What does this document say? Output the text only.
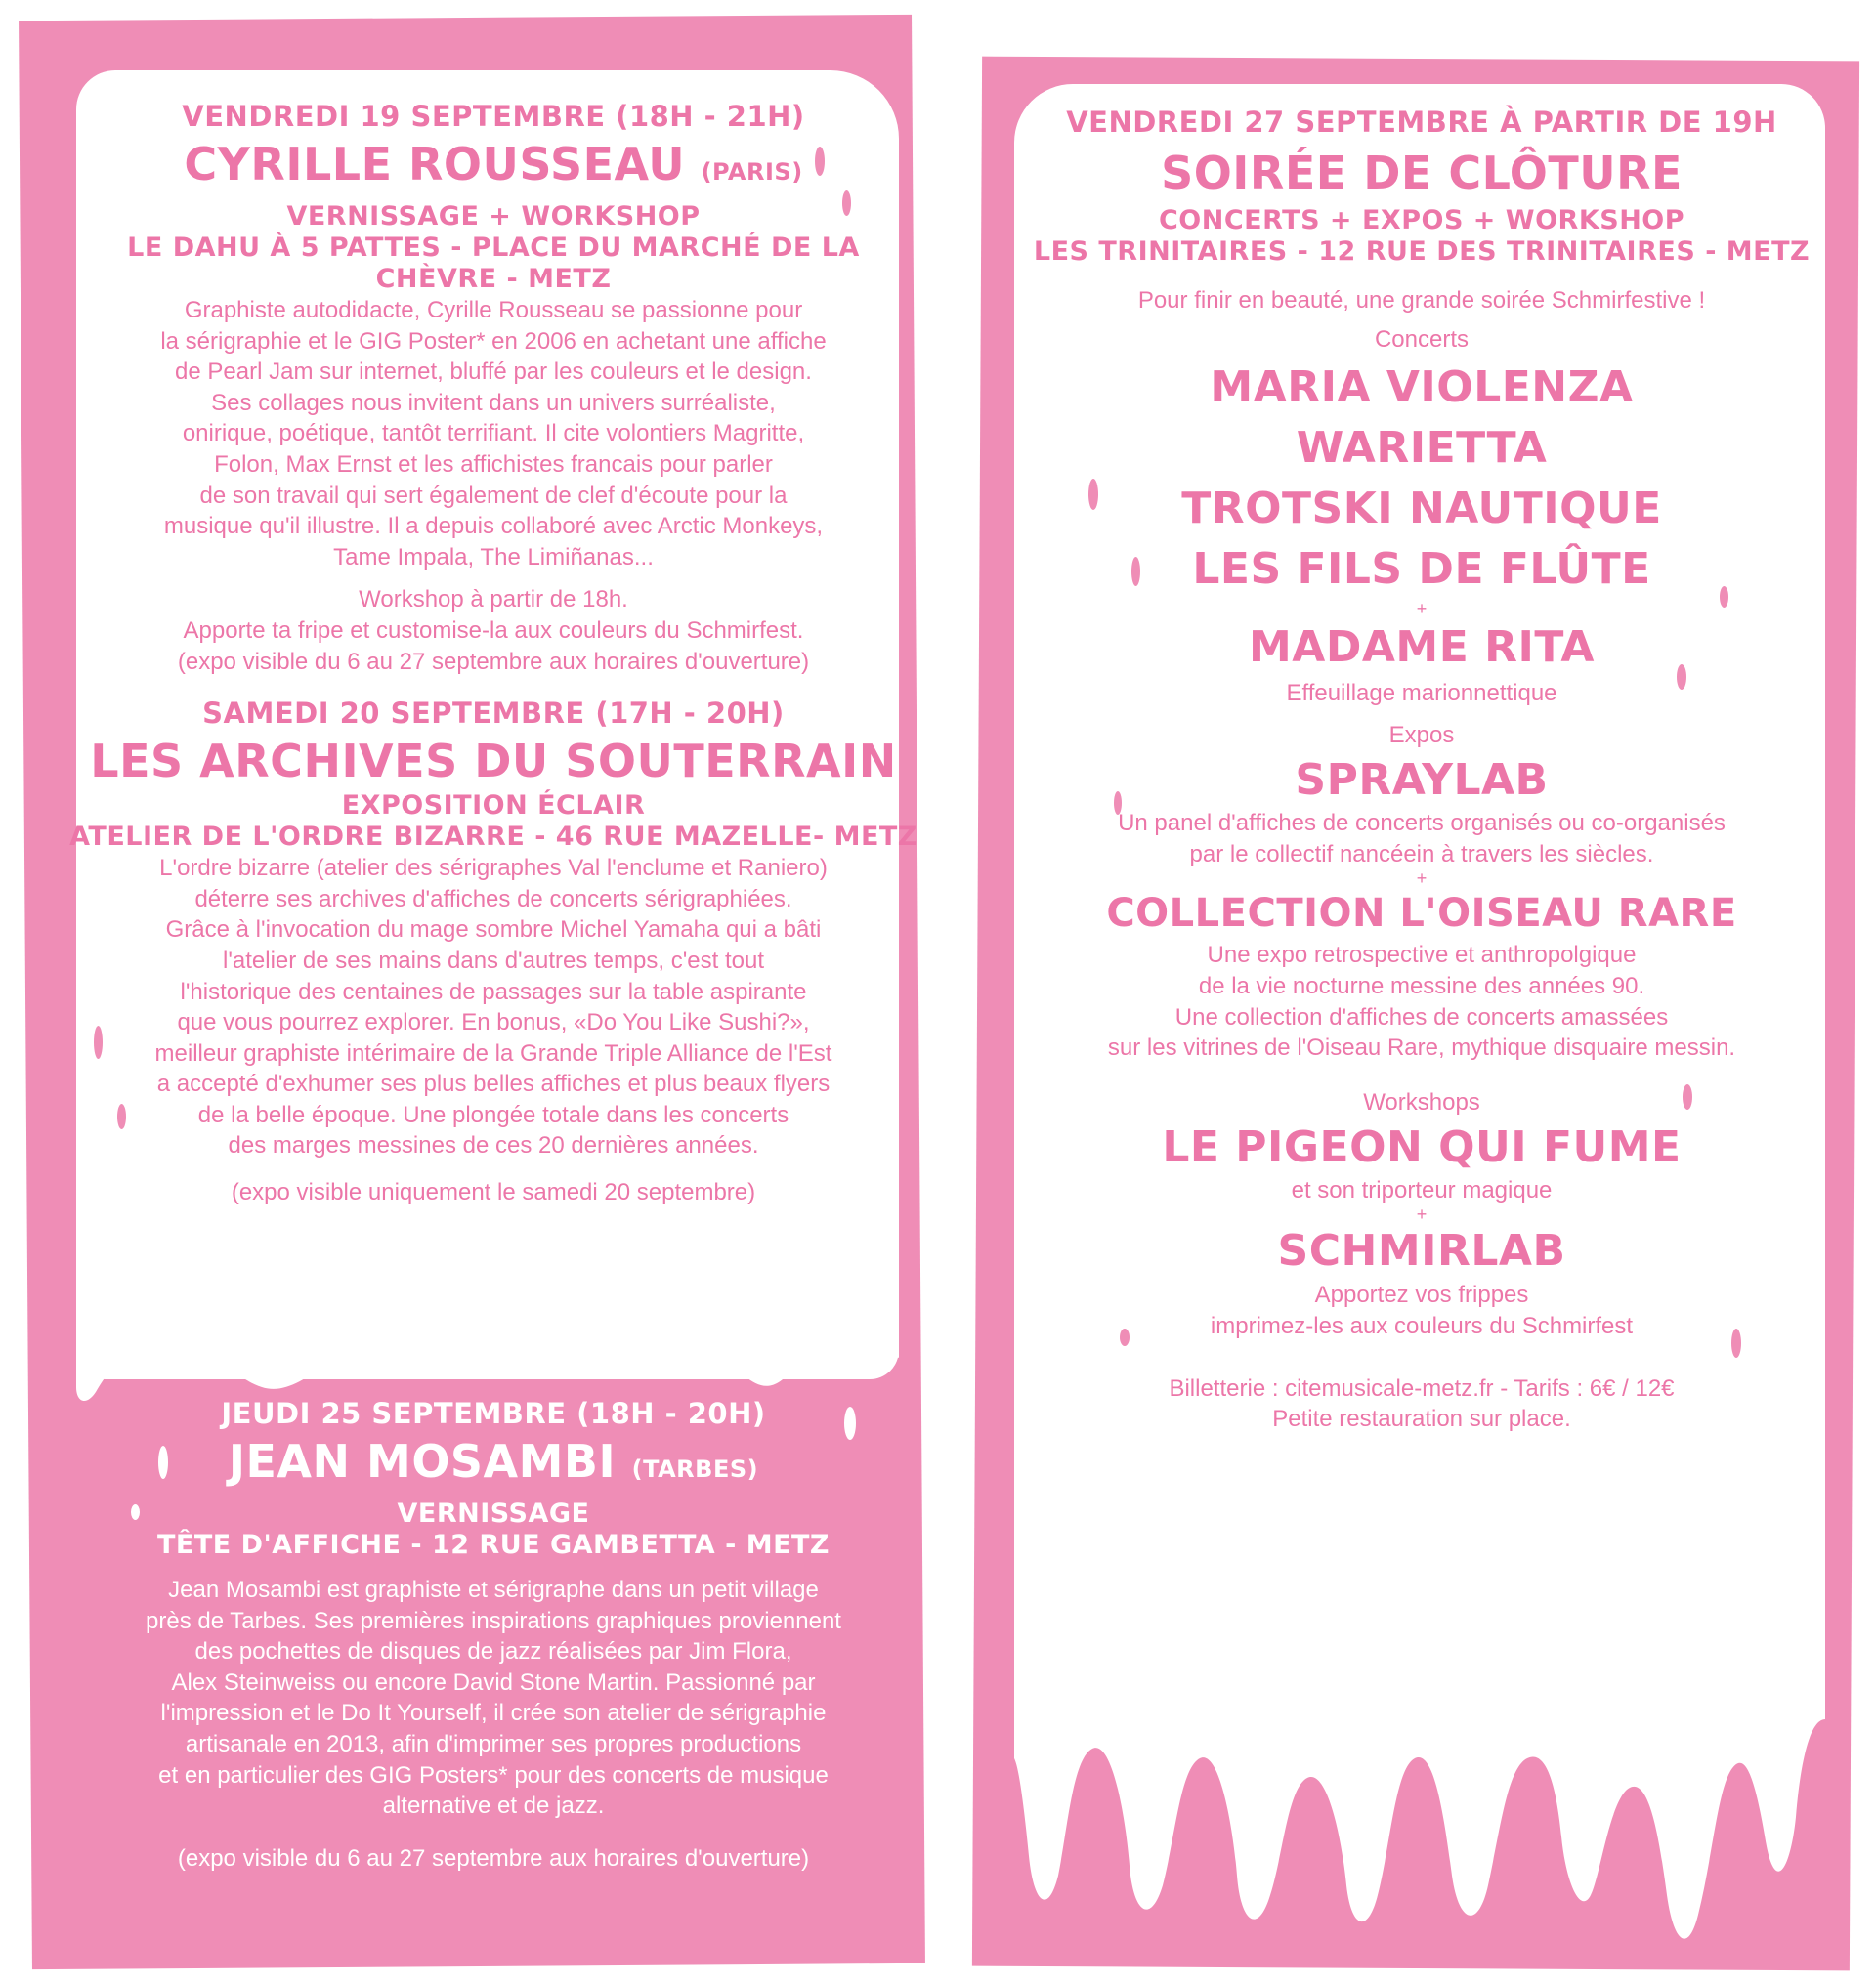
VENDREDI 19 SEPTEMBRE (18H - 21H)

CYRILLE ROUSSEAU (PARIS)

VERNISSAGE + WORKSHOP

LE DAHU À 5 PATTES - PLACE DU MARCHÉ DE LA CHÈVRE - METZ

Graphiste autodidacte, Cyrille Rousseau se passionne pour

la sérigraphie et le GIG Poster* en 2006 en achetant une affiche

de Pearl Jam sur internet, bluffé par les couleurs et le design.

Ses collages nous invitent dans un univers surréaliste,

onirique, poétique, tantôt terrifiant. Il cite volontiers Magritte,

Folon, Max Ernst et les affichistes francais pour parler

de son travail qui sert également de clef d'écoute pour la

musique qu'il illustre. Il a depuis collaboré avec Arctic Monkeys,

Tame Impala, The Limiñanas...

Workshop à partir de 18h.

Apporte ta fripe et customise-la aux couleurs du Schmirfest.

(expo visible du 6 au 27 septembre aux horaires d'ouverture)

SAMEDI 20 SEPTEMBRE (17H - 20H)

LES ARCHIVES DU SOUTERRAIN

EXPOSITION ÉCLAIR

ATELIER DE L'ORDRE BIZARRE - 46 RUE MAZELLE- METZ

L'ordre bizarre (atelier des sérigraphes Val l'enclume et Raniero)

déterre ses archives d'affiches de concerts sérigraphiées.

Grâce à l'invocation du mage sombre Michel Yamaha qui a bâti

l'atelier de ses mains dans d'autres temps, c'est tout

l'historique des centaines de passages sur la table aspirante

que vous pourrez explorer. En bonus, «Do You Like Sushi?»,

meilleur graphiste intérimaire de la Grande Triple Alliance de l'Est

a accepté d'exhumer ses plus belles affiches et plus beaux flyers

de la belle époque. Une plongée totale dans les concerts

des marges messines de ces 20 dernières années.

(expo visible uniquement le samedi 20 septembre)

JEUDI 25 SEPTEMBRE (18H - 20H)

JEAN MOSAMBI (TARBES)

VERNISSAGE

TÊTE D'AFFICHE - 12 RUE GAMBETTA - METZ

Jean Mosambi est graphiste et sérigraphe dans un petit village

près de Tarbes. Ses premières inspirations graphiques proviennent

des pochettes de disques de jazz réalisées par Jim Flora,

Alex Steinweiss ou encore David Stone Martin. Passionné par

l'impression et le Do It Yourself, il crée son atelier de sérigraphie

artisanale en 2013, afin d'imprimer ses propres productions

et en particulier des GIG Posters* pour des concerts de musique

alternative et de jazz.

(expo visible du 6 au 27 septembre aux horaires d'ouverture)

VENDREDI 27 SEPTEMBRE À PARTIR DE 19H

SOIRÉE DE CLÔTURE

CONCERTS + EXPOS + WORKSHOP

LES TRINITAIRES - 12 RUE DES TRINITAIRES - METZ

Pour finir en beauté, une grande soirée Schmirfestive !

Concerts

MARIA VIOLENZA

WARIETTA

TROTSKI NAUTIQUE

LES FILS DE FLÛTE

+

MADAME RITA

Effeuillage marionnettique

Expos

SPRAYLAB

Un panel d'affiches de concerts organisés ou co-organisés

par le collectif nancéein à travers les siècles.

+

COLLECTION L'OISEAU RARE

Une expo retrospective et anthropolgique

de la vie nocturne messine des années 90.

Une collection d'affiches de concerts amassées

sur les vitrines de l'Oiseau Rare, mythique disquaire messin.

Workshops

LE PIGEON QUI FUME

et son triporteur magique

+

SCHMIRLAB

Apportez vos frippes

imprimez-les aux couleurs du Schmirfest

Billetterie : citemusicale-metz.fr - Tarifs : 6€ / 12€

Petite restauration sur place.
